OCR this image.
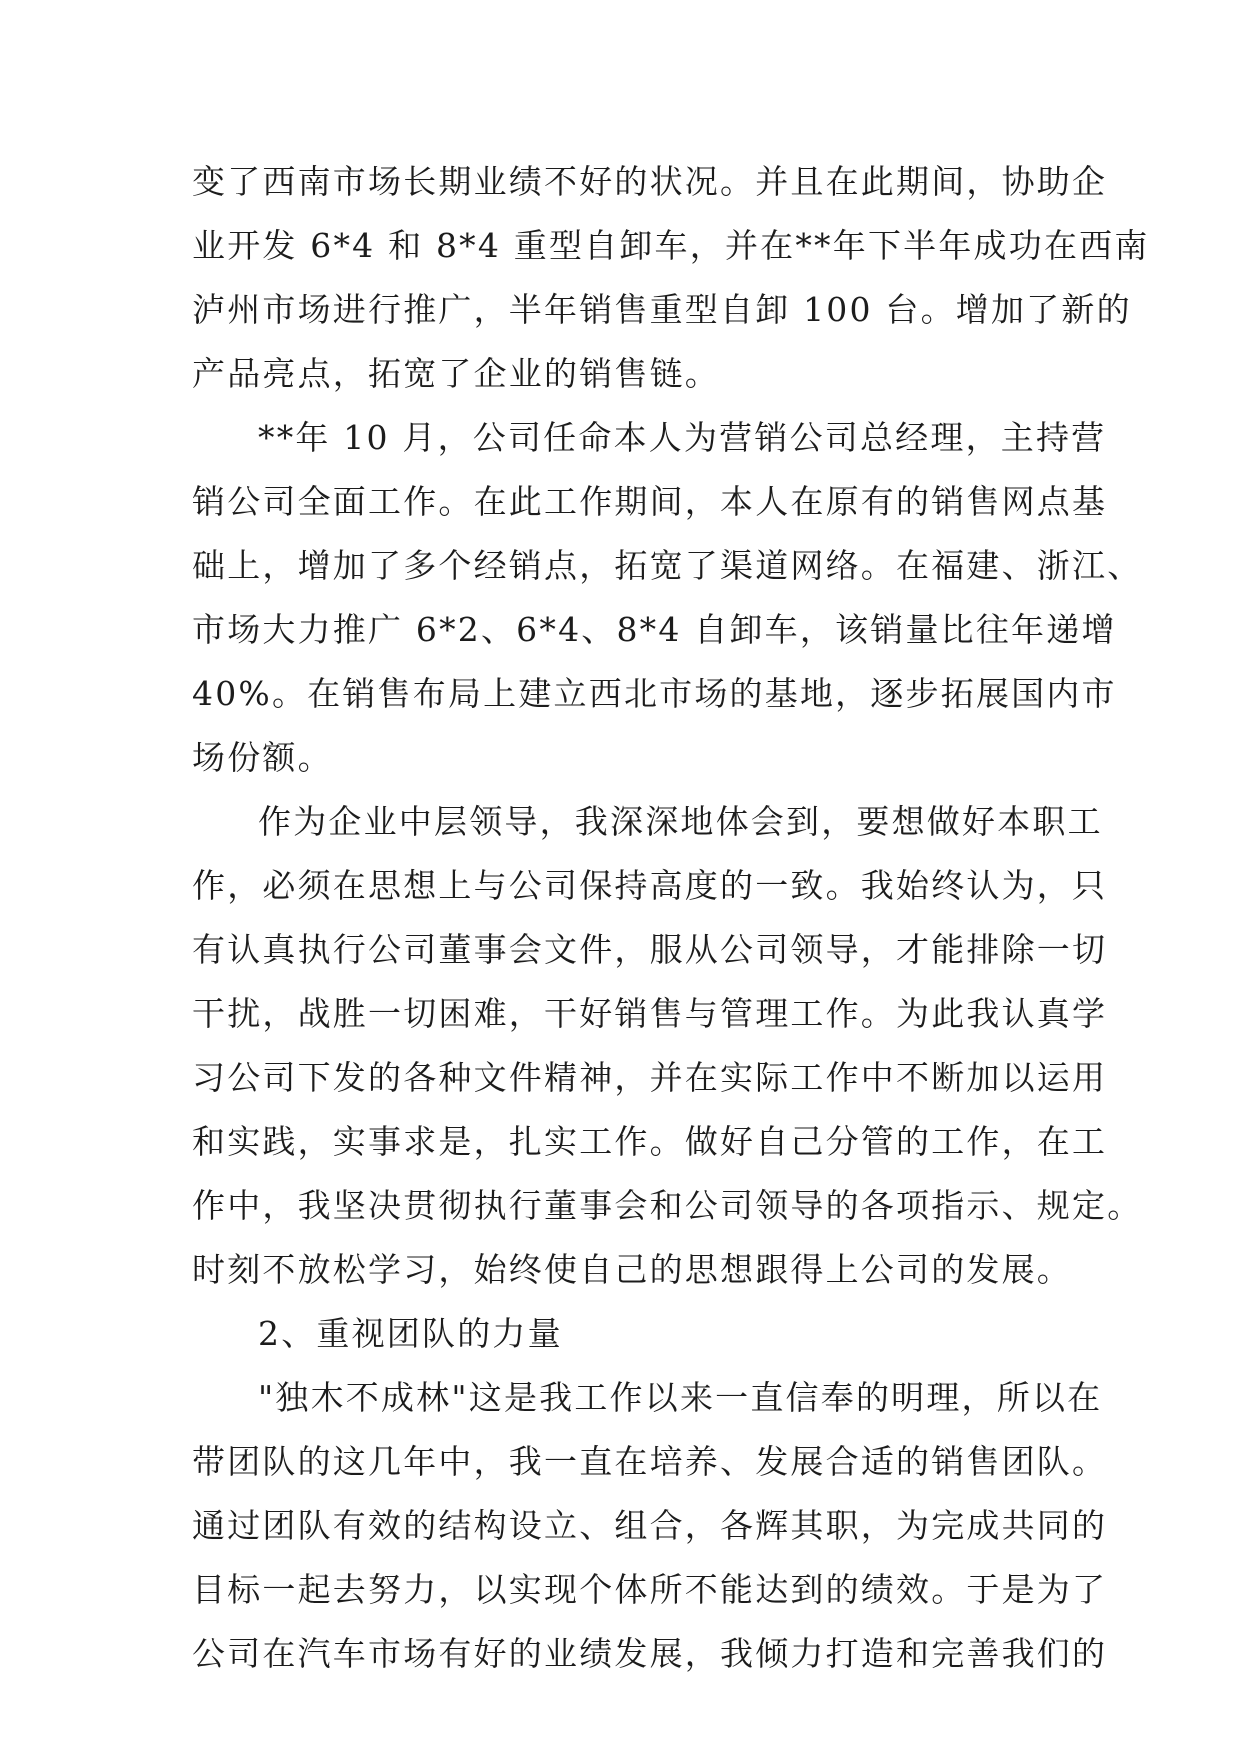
变了西南市场长期业绩不好的状况。并且在此期间，协助企
业开发 6*4 和 8*4 重型自卸车，并在**年下半年成功在西南
泸州市场进行推广，半年销售重型自卸 100 台。增加了新的
产品亮点，拓宽了企业的销售链。
**年 10 月，公司任命本人为营销公司总经理，主持营
销公司全面工作。在此工作期间，本人在原有的销售网点基
础上，增加了多个经销点，拓宽了渠道网络。在福建、浙江、
市场大力推广 6*2、6*4、8*4 自卸车，该销量比往年递增
40%。在销售布局上建立西北市场的基地，逐步拓展国内市
场份额。
作为企业中层领导，我深深地体会到，要想做好本职工
作，必须在思想上与公司保持高度的一致。我始终认为，只
有认真执行公司董事会文件，服从公司领导，才能排除一切
干扰，战胜一切困难，干好销售与管理工作。为此我认真学
习公司下发的各种文件精神，并在实际工作中不断加以运用
和实践，实事求是，扎实工作。做好自己分管的工作，在工
作中，我坚决贯彻执行董事会和公司领导的各项指示、规定。
时刻不放松学习，始终使自己的思想跟得上公司的发展。
2、重视团队的力量
"独木不成林"这是我工作以来一直信奉的明理，所以在
带团队的这几年中，我一直在培养、发展合适的销售团队。
通过团队有效的结构设立、组合，各辉其职，为完成共同的
目标一起去努力，以实现个体所不能达到的绩效。于是为了
公司在汽车市场有好的业绩发展，我倾力打造和完善我们的
